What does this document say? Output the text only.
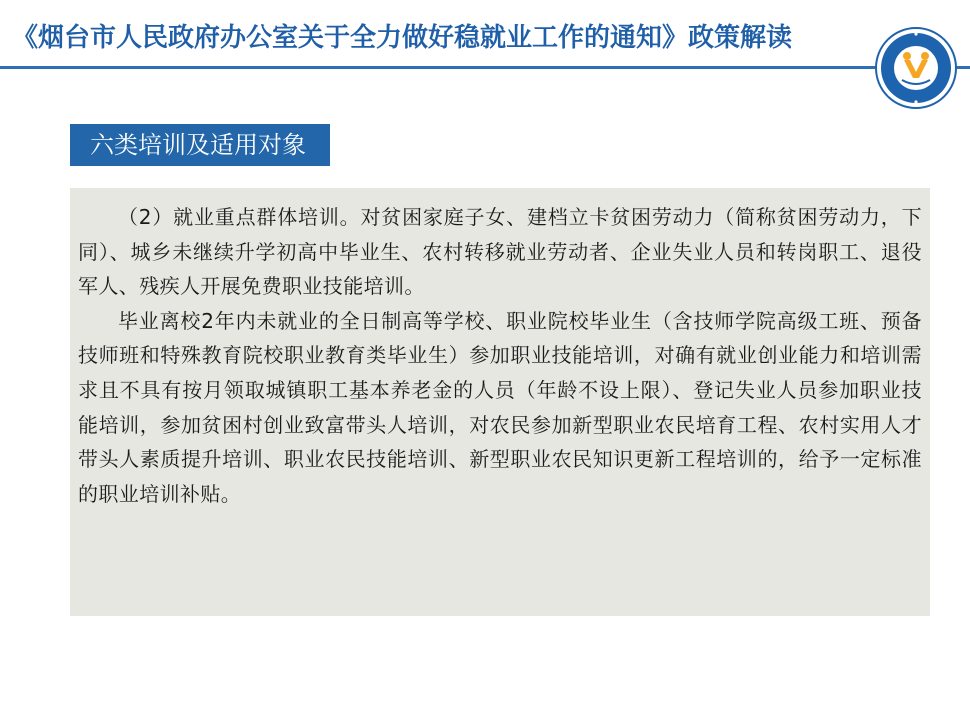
《烟台市人民政府办公室关于全力做好稳就业工作的通知》政策解读
六类培训及适用对象

（2）就业重点群体培训。对贫困家庭子女、建档立卡贫困劳动力（简称贫困劳动力，下同）、城乡未继续升学初高中毕业生、农村转移就业劳动者、企业失业人员和转岗职工、退役军人、残疾人开展免费职业技能培训。

毕业离校2年内未就业的全日制高等学校、职业院校毕业生（含技师学院高级工班、预备技师班和特殊教育院校职业教育类毕业生）参加职业技能培训，对确有就业创业能力和培训需求且不具有按月领取城镇职工基本养老金的人员（年龄不设上限）、登记失业人员参加职业技能培训，参加贫困村创业致富带头人培训，对农民参加新型职业农民培育工程、农村实用人才带头人素质提升培训、职业农民技能培训、新型职业农民知识更新工程培训的，给予一定标准的职业培训补贴。
